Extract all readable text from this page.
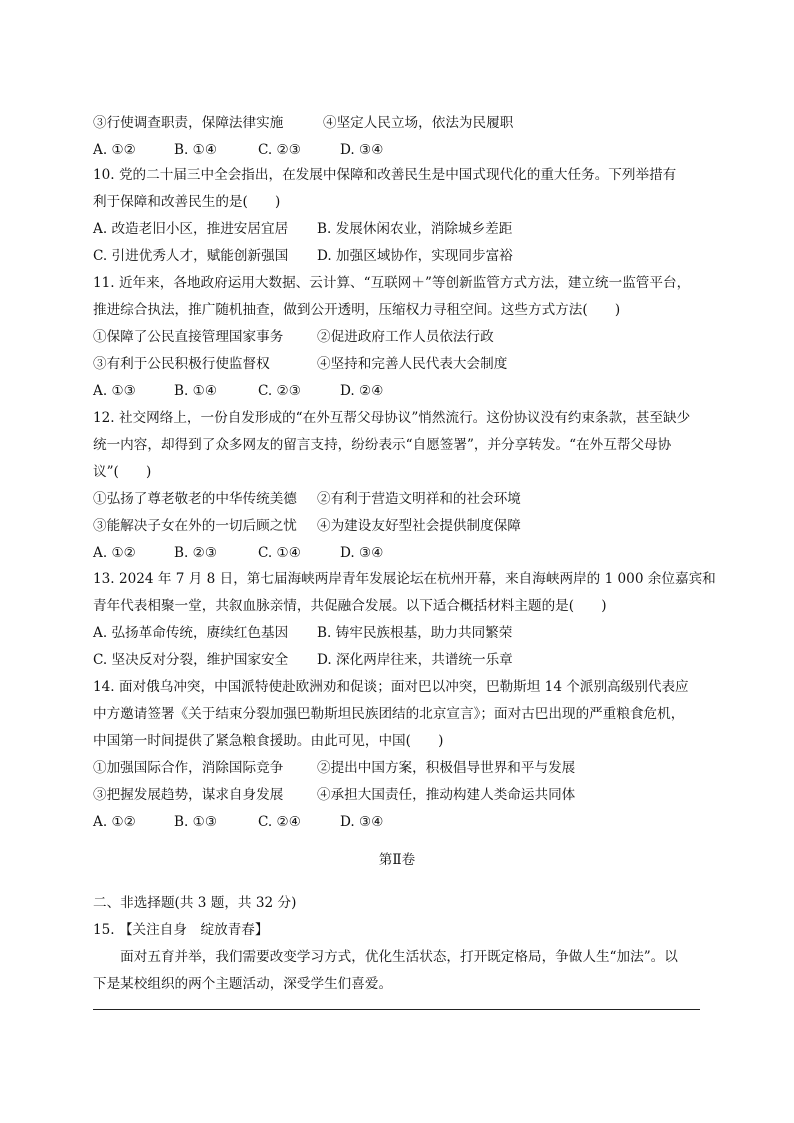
③行使调查职责，保障法律实施	④坚定人民立场，依法为民履职
A. ①②	B. ①④	C. ②③	D. ③④
10. 党的二十届三中全会指出，在发展中保障和改善民生是中国式现代化的重大任务。下列举措有
利于保障和改善民生的是(　　)
A. 改造老旧小区，推进安居宜居 B. 发展休闲农业，消除城乡差距
C. 引进优秀人才，赋能创新强国 D. 加强区域协作，实现同步富裕
11. 近年来，各地政府运用大数据、云计算、“互联网＋”等创新监管方式方法，建立统一监管平台，
推进综合执法，推广随机抽查，做到公开透明，压缩权力寻租空间。这些方式方法(　　)
①保障了公民直接管理国家事务 ②促进政府工作人员依法行政
③有利于公民积极行使监督权	④坚持和完善人民代表大会制度
A. ①③	B. ①④	C. ②③	D. ②④
12. 社交网络上，一份自发形成的“在外互帮父母协议”悄然流行。这份协议没有约束条款，甚至缺少
统一内容，却得到了众多网友的留言支持，纷纷表示“自愿签署”，并分享转发。“在外互帮父母协
议”(　　)
①弘扬了尊老敬老的中华传统美德 ②有利于营造文明祥和的社会环境
③能解决子女在外的一切后顾之忧 ④为建设友好型社会提供制度保障
A. ①②	B. ②③	C. ①④	D. ③④
13. 2024 年 7 月 8 日，第七届海峡两岸青年发展论坛在杭州开幕，来自海峡两岸的 1 000 余位嘉宾和
青年代表相聚一堂，共叙血脉亲情，共促融合发展。以下适合概括材料主题的是(　　)
A. 弘扬革命传统，赓续红色基因 B. 铸牢民族根基，助力共同繁荣
C. 坚决反对分裂，维护国家安全 D. 深化两岸往来，共谱统一乐章
14. 面对俄乌冲突，中国派特使赴欧洲劝和促谈；面对巴以冲突，巴勒斯坦 14 个派别高级别代表应
中方邀请签署《关于结束分裂加强巴勒斯坦民族团结的北京宣言》；面对古巴出现的严重粮食危机，
中国第一时间提供了紧急粮食援助。由此可见，中国(　　)
①加强国际合作，消除国际竞争 ②提出中国方案，积极倡导世界和平与发展
③把握发展趋势，谋求自身发展 ④承担大国责任，推动构建人类命运共同体
A. ①②	B. ①③	C. ②④	D. ③④
第Ⅱ卷
二、非选择题(共 3 题，共 32 分)
15. 【关注自身　绽放青春】
　　面对五育并举，我们需要改变学习方式，优化生活状态，打开既定格局，争做人生“加法”。以
下是某校组织的两个主题活动，深受学生们喜爱。
